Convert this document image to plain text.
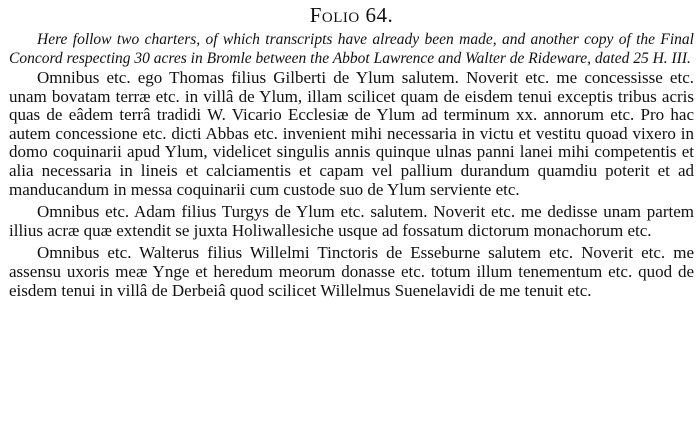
Folio 64.

Here follow two charters, of which transcripts have already been made, and another copy of the Final Concord respecting 30 acres in Bromle between the Abbot Lawrence and Walter de Rideware, dated 25 H. III.

Omnibus etc. ego Thomas filius Gilberti de Ylum salutem. Noverit etc. me concessisse etc. unam bovatam terræ etc. in villâ de Ylum, illam scilicet quam de eisdem tenui exceptis tribus acris quas de eâdem terrâ tradidi W. Vicario Ecclesiæ de Ylum ad terminum xx. annorum etc. Pro hac autem concessione etc. dicti Abbas etc. invenient mihi necessaria in victu et vestitu quoad vixero in domo coquinarii apud Ylum, videlicet singulis annis quinque ulnas panni lanei mihi competentis et alia necessaria in lineis et calciamentis et capam vel pallium durandum quamdiu poterit et ad manducandum in messa coquinarii cum custode suo de Ylum serviente etc.

Omnibus etc. Adam filius Turgys de Ylum etc. salutem. Noverit etc. me dedisse unam partem illius acræ quæ extendit se juxta Holiwallesiche usque ad fossatum dictorum monachorum etc.

Omnibus etc. Walterus filius Willelmi Tinctoris de Esseburne salutem etc. Noverit etc. me assensu uxoris meæ Ynge et heredum meorum donasse etc. totum illum tenementum etc. quod de eisdem tenui in villâ de Derbeiâ quod scilicet Willelmus Suenelavidi de me tenuit etc.
